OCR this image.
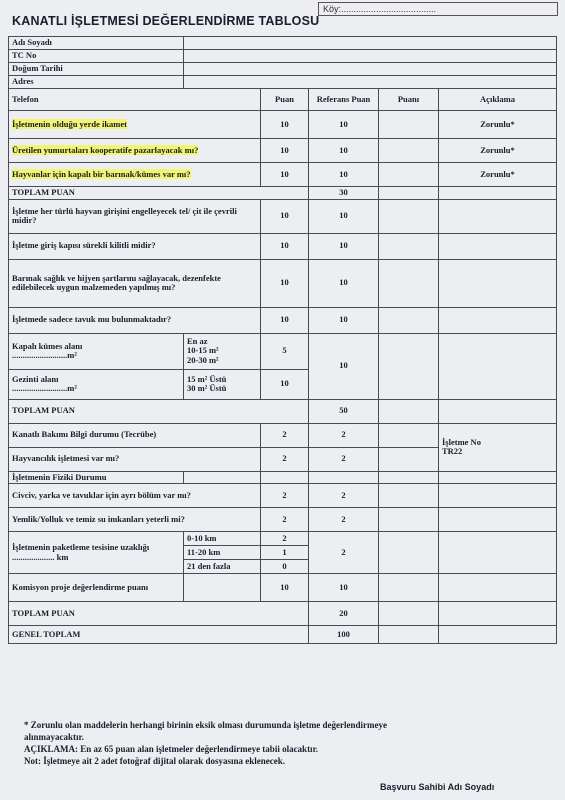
KANATLI İŞLETMESİ DEĞERLENDİRME TABLOSU
Köy:......................................
Adı Soyadı					
TC No					
Doğum Tarihi					
Adres					
Telefon		Puan	Referans Puan	Puanı	Açıklama
İşletmenin olduğu yerde ikamet		10	10		Zorunlu*
Üretilen yumurtaları kooperatife pazarlayacak mı?		10	10		Zorunlu*
Hayvanlar için kapalı bir barınak/kümes var mı?		10	10		Zorunlu*
TOPLAM PUAN			30		
İşletme her türlü hayvan girişini engelleyecek tel/ çit ile çevrili midir?		10	10		
İşletme giriş kapısı sürekli kilitli midir?		10	10		
Barınak sağlık ve hijyen şartlarını sağlayacak, dezenfekte edilebilecek uygun malzemeden yapılmış mı?		10	10		
İşletmede sadece tavuk mu bulunmaktadır?		10	10		
Kapalı kümes alanı
..........................m²	En az
10-15 m²
20-30 m²	5	10		
Gezinti alanı
..........................m²	15 m² Üstü
30 m² Üstü	10			
TOPLAM PUAN			50		
Kanatlı Bakımı Bilgi durumu (Tecrübe)		2	2		İşletme No
TR22
Hayvancılık işletmesi var mı?		2	2		
İşletmenin Fiziki Durumu					
Civciv, yarka ve tavuklar için ayrı bölüm var mı?		2	2		
Yemlik/Yolluk ve temiz su imkanları yeterli mi?		2	2		
İşletmenin paketleme tesisine uzaklığı
.................... km	0-10 km	2	2		
	11-20 km	1			
	21 den fazla	0			
Komisyon proje değerlendirme puanı		10	10		
TOPLAM PUAN			20		
GENEL TOPLAM			100		
* Zorunlu olan maddelerin herhangi birinin eksik olması durumunda işletme değerlendirmeye
alınmayacaktır.
AÇIKLAMA: En az 65 puan alan işletmeler değerlendirmeye tabii olacaktır.
Not: İşletmeye ait 2 adet fotoğraf dijital olarak dosyasına eklenecek.
Başvuru Sahibi Adı Soyadı
